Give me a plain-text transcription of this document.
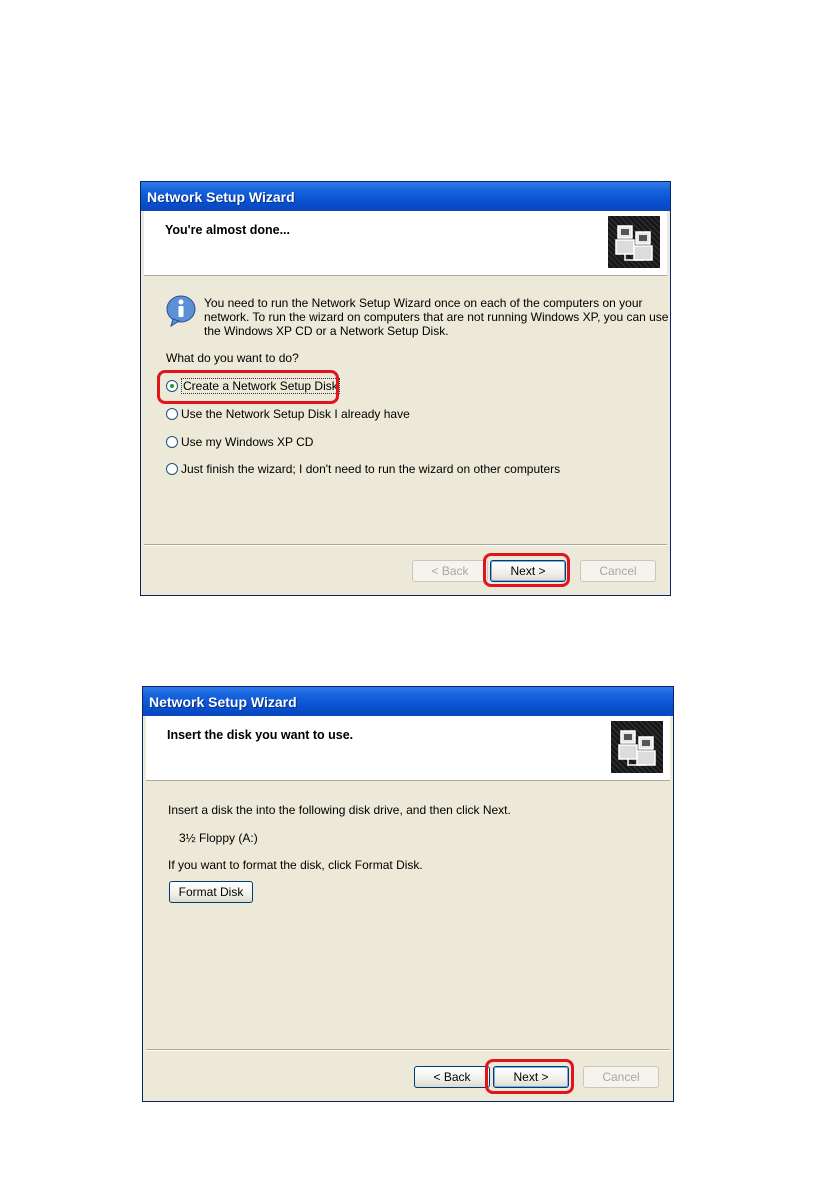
Network Setup Wizard
You're almost done...
You need to run the Network Setup Wizard once on each of the computers on your
network. To run the wizard on computers that are not running Windows XP, you can use
the Windows XP CD or a Network Setup Disk.
What do you want to do?
Create a Network Setup Disk
Use the Network Setup Disk I already have
Use my Windows XP CD
Just finish the wizard; I don't need to run the wizard on other computers
< Back	Next >	Cancel
Network Setup Wizard
Insert the disk you want to use.
Insert a disk the into the following disk drive, and then click Next.
3½ Floppy (A:)
If you want to format the disk, click Format Disk.
Format Disk
< Back	Next >	Cancel
